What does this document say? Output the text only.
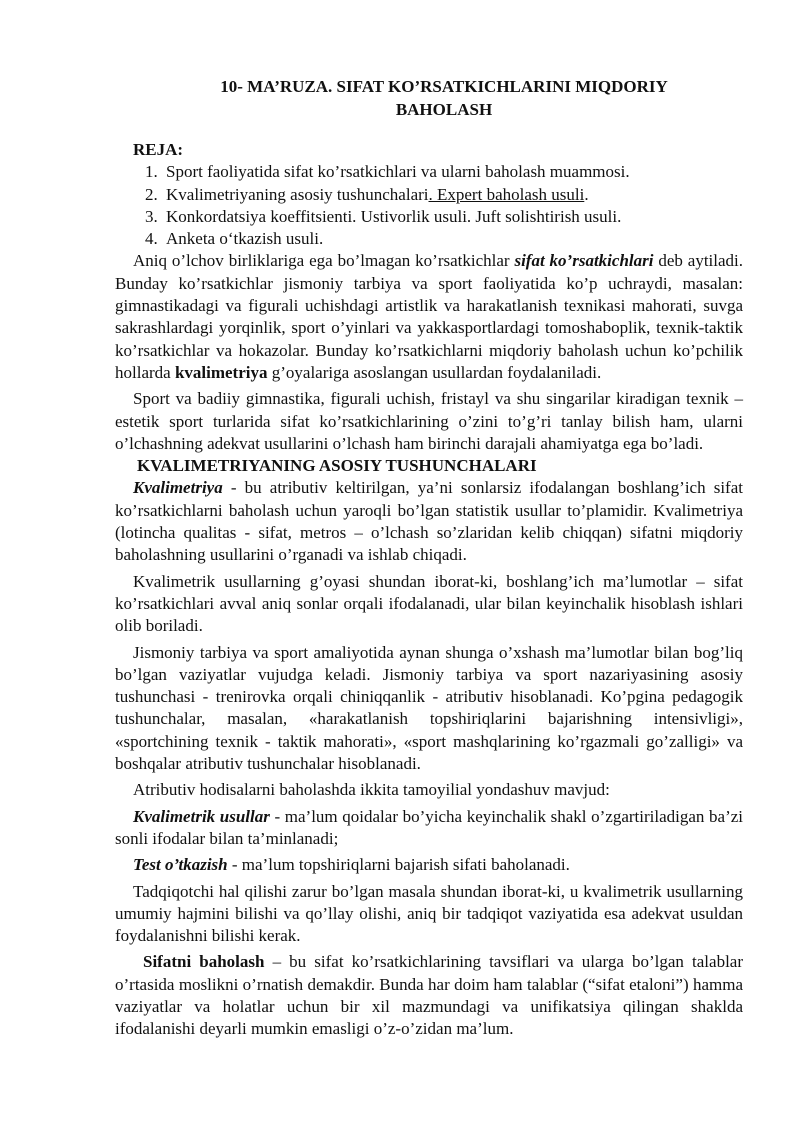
10- MA’RUZA. SIFAT KO’RSATKICHLARINI MIQDORIY
BAHOLASH
REJA:
1. Sport faoliyatida sifat ko’rsatkichlari va ularni baholash muammosi.
2. Kvalimetriyaning asosiy tushunchalari. Expert baholash usuli.
3. Konkordatsiya koeffitsienti. Ustivorlik usuli. Juft solishtirish usuli.
4. Anketa o‘tkazish usuli.

Aniq o’lchov birliklariga ega bo’lmagan ko’rsatkichlar sifat ko’rsatkichlari deb aytiladi. Bunday ko’rsatkichlar jismoniy tarbiya va sport faoliyatida ko’p uchraydi, masalan: gimnastikadagi va figurali uchishdagi artistlik va harakatlanish texnikasi mahorati, suvga sakrashlardagi yorqinlik, sport o’yinlari va yakkasportlardagi tomoshaboplik, texnik-taktik ko’rsatkichlar va hokazolar. Bunday ko’rsatkichlarni miqdoriy baholash uchun ko’pchilik hollarda kvalimetriya g’oyalariga asoslangan usullardan foydalaniladi.

Sport va badiiy gimnastika, figurali uchish, fristayl va shu singarilar kiradigan texnik – estetik sport turlarida sifat ko’rsatkichlarining o’zini to’g’ri tanlay bilish ham, ularni o’lchashning adekvat usullarini o’lchash ham birinchi darajali ahamiyatga ega bo’ladi.

KVALIMETRIYANING ASOSIY TUSHUNCHALARI

Kvalimetriya - bu atributiv keltirilgan, ya’ni sonlarsiz ifodalangan boshlang’ich sifat ko’rsatkichlarni baholash uchun yaroqli bo’lgan statistik usullar to’plamidir. Kvalimetriya (lotincha qualitas - sifat, metros – o’lchash so’zlaridan kelib chiqqan) sifatni miqdoriy baholashning usullarini o’rganadi va ishlab chiqadi.

Kvalimetrik usullarning g’oyasi shundan iborat-ki, boshlang’ich ma’lumotlar – sifat ko’rsatkichlari avval aniq sonlar orqali ifodalanadi, ular bilan keyinchalik hisoblash ishlari olib boriladi.

Jismoniy tarbiya va sport amaliyotida aynan shunga o’xshash ma’lumotlar bilan bog’liq bo’lgan vaziyatlar vujudga keladi. Jismoniy tarbiya va sport nazariyasining asosiy tushunchasi - trenirovka orqali chiniqqanlik - atributiv hisoblanadi. Ko’pgina pedagogik tushunchalar, masalan, «harakatlanish topshiriqlarini bajarishning intensivligi», «sportchining texnik - taktik mahorati», «sport mashqlarining ko’rgazmali go’zalligi» va boshqalar atributiv tushunchalar hisoblanadi.

Atributiv hodisalarni baholashda ikkita tamoyilial yondashuv mavjud:

Kvalimetrik usullar - ma’lum qoidalar bo’yicha keyinchalik shakl o’zgartiriladigan ba’zi sonli ifodalar bilan ta’minlanadi;

Test o’tkazish - ma’lum topshiriqlarni bajarish sifati baholanadi.

Tadqiqotchi hal qilishi zarur bo’lgan masala shundan iborat-ki, u kvalimetrik usullarning umumiy hajmini bilishi va qo’llay olishi, aniq bir tadqiqot vaziyatida esa adekvat usuldan foydalanishni bilishi kerak.

Sifatni baholash – bu sifat ko’rsatkichlarining tavsiflari va ularga bo’lgan talablar o’rtasida moslikni o’rnatish demakdir. Bunda har doim ham talablar (“sifat etaloni”) hamma vaziyatlar va holatlar uchun bir xil mazmundagi va unifikatsiya qilingan shaklda ifodalanishi deyarli mumkin emasligi o’z-o’zidan ma’lum.
